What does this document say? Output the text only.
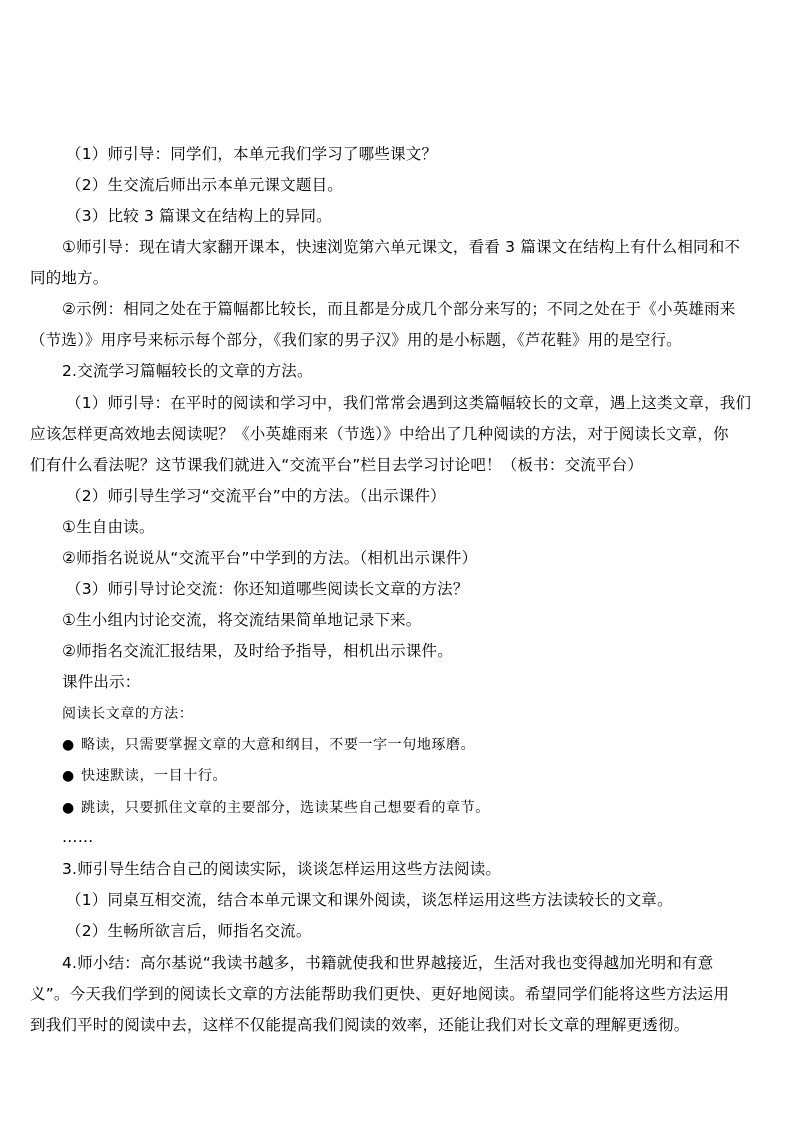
（1）师引导：同学们，本单元我们学习了哪些课文？
（2）生交流后师出示本单元课文题目。
（3）比较 3 篇课文在结构上的异同。
①师引导：现在请大家翻开课本，快速浏览第六单元课文，看看 3 篇课文在结构上有什么相同和不
同的地方。
②示例：相同之处在于篇幅都比较长，而且都是分成几个部分来写的；不同之处在于《小英雄雨来
（节选）》用序号来标示每个部分，《我们家的男子汉》用的是小标题，《芦花鞋》用的是空行。
2.交流学习篇幅较长的文章的方法。
（1）师引导：在平时的阅读和学习中，我们常常会遇到这类篇幅较长的文章，遇上这类文章，我们
应该怎样更高效地去阅读呢？《小英雄雨来（节选）》中给出了几种阅读的方法，对于阅读长文章，你
们有什么看法呢？这节课我们就进入“交流平台”栏目去学习讨论吧！（板书：交流平台）
（2）师引导生学习“交流平台”中的方法。（出示课件）
①生自由读。
②师指名说说从“交流平台”中学到的方法。（相机出示课件）
（3）师引导讨论交流：你还知道哪些阅读长文章的方法？
①生小组内讨论交流，将交流结果简单地记录下来。
②师指名交流汇报结果，及时给予指导，相机出示课件。
课件出示：
阅读长文章的方法：
● 略读，只需要掌握文章的大意和纲目，不要一字一句地琢磨。
● 快速默读，一目十行。
● 跳读，只要抓住文章的主要部分，选读某些自己想要看的章节。
……
3.师引导生结合自己的阅读实际，谈谈怎样运用这些方法阅读。
（1）同桌互相交流，结合本单元课文和课外阅读，谈怎样运用这些方法读较长的文章。
（2）生畅所欲言后，师指名交流。
4.师小结：高尔基说“我读书越多，书籍就使我和世界越接近，生活对我也变得越加光明和有意
义”。今天我们学到的阅读长文章的方法能帮助我们更快、更好地阅读。希望同学们能将这些方法运用
到我们平时的阅读中去，这样不仅能提高我们阅读的效率，还能让我们对长文章的理解更透彻。
